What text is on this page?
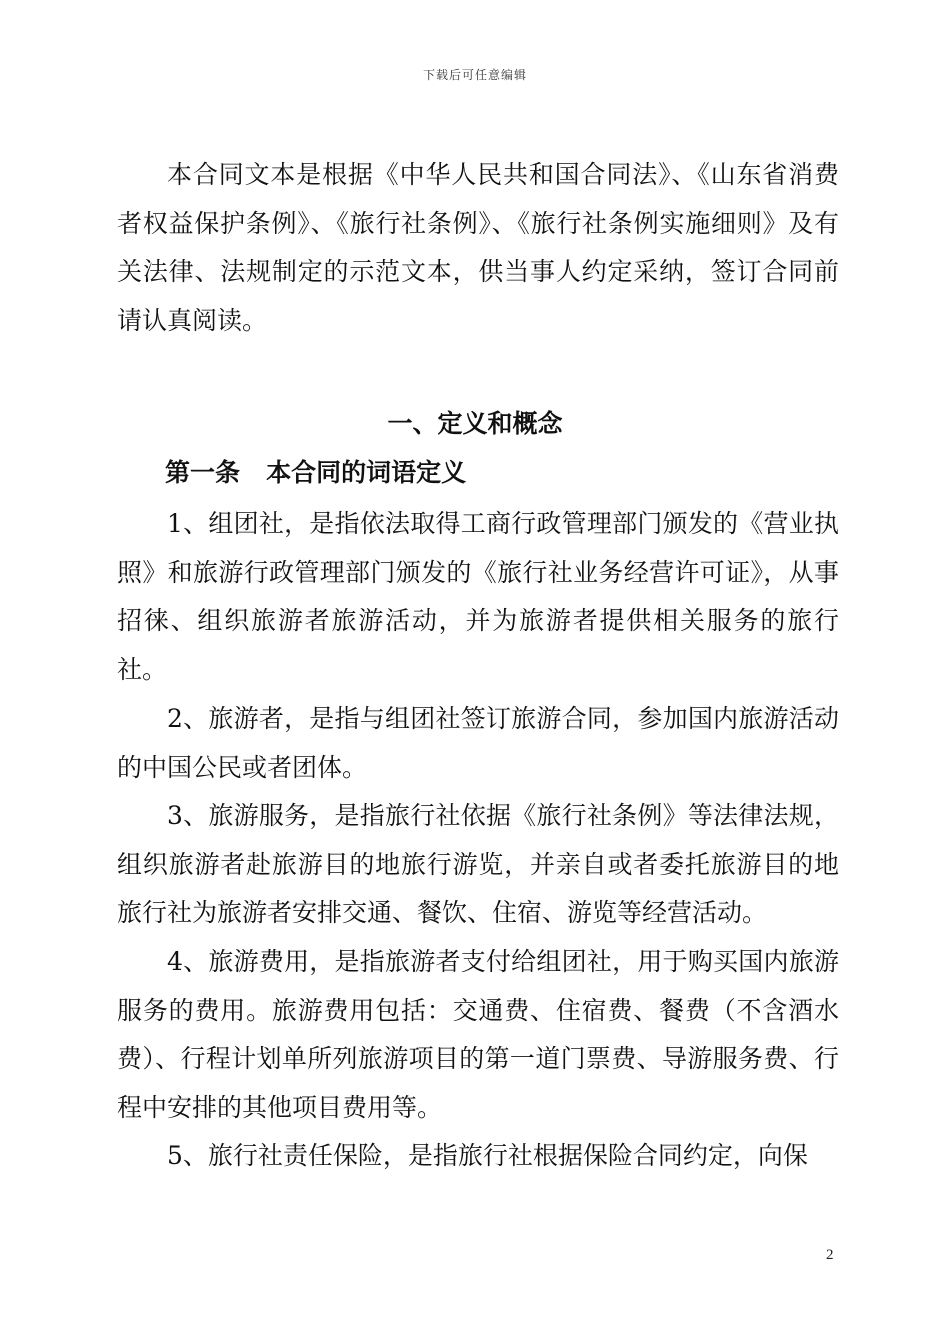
下载后可任意编辑

本合同文本是根据《中华人民共和国合同法》、《山东省消费者权益保护条例》、《旅行社条例》、《旅行社条例实施细则》及有关法律、法规制定的示范文本，供当事人约定采纳，签订合同前请认真阅读。

一、定义和概念
第一条   本合同的词语定义

1、组团社，是指依法取得工商行政管理部门颁发的《营业执照》和旅游行政管理部门颁发的《旅行社业务经营许可证》，从事招徕、组织旅游者旅游活动，并为旅游者提供相关服务的旅行社。

2、旅游者，是指与组团社签订旅游合同，参加国内旅游活动的中国公民或者团体。

3、旅游服务，是指旅行社依据《旅行社条例》等法律法规，组织旅游者赴旅游目的地旅行游览，并亲自或者委托旅游目的地旅行社为旅游者安排交通、餐饮、住宿、游览等经营活动。

4、旅游费用，是指旅游者支付给组团社，用于购买国内旅游服务的费用。旅游费用包括：交通费、住宿费、餐费（不含酒水费）、行程计划单所列旅游项目的第一道门票费、导游服务费、行程中安排的其他项目费用等。

5、旅行社责任保险，是指旅行社根据保险合同约定，向保

2
